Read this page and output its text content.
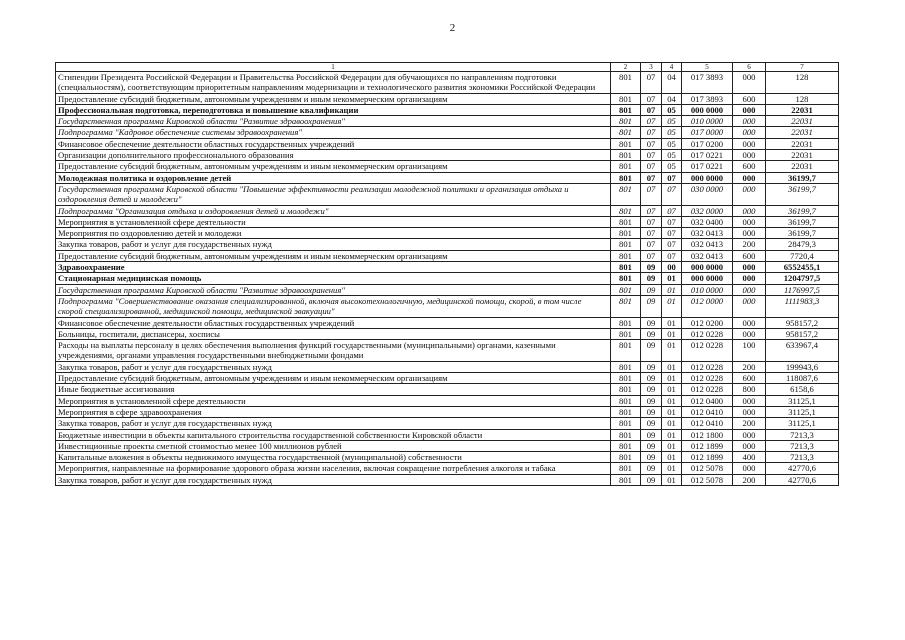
2
1	2	3	4	5	6	7
Стипендии Президента Российской Федерации и Правительства Российской Федерации для обучающихся по направлениям подготовки (специальностям), соответствующим приоритетным направлениям модернизации и технологического развития экономики Российской Федерации	801	07	04	017 3893	000	128
Предоставление субсидий бюджетным, автономным учреждениям и иным некоммерческим организациям	801	07	04	017 3893	600	128
Профессиональная подготовка, переподготовка и повышение квалификации	801	07	05	000 0000	000	22031
Государственная программа Кировской области "Развитие здравоохранения"	801	07	05	010 0000	000	22031
Подпрограмма "Кадровое обеспечение системы здравоохранения"	801	07	05	017 0000	000	22031
Финансовое обеспечение деятельности областных государственных учреждений	801	07	05	017 0200	000	22031
Организации дополнительного профессионального образования	801	07	05	017 0221	000	22031
Предоставление субсидий бюджетным, автономным учреждениям и иным некоммерческим организациям	801	07	05	017 0221	600	22031
Молодежная политика и оздоровление детей	801	07	07	000 0000	000	36199,7
Государственная программа Кировской области "Повышение эффективности реализации молодежной политики и организация отдыха и оздоровления детей и молодежи"	801	07	07	030 0000	000	36199,7
Подпрограмма "Организация отдыха и оздоровления детей и молодежи"	801	07	07	032 0000	000	36199,7
Мероприятия в установленной сфере деятельности	801	07	07	032 0400	000	36199,7
Мероприятия по оздоровлению детей и молодежи	801	07	07	032 0413	000	36199,7
Закупка товаров, работ и услуг для государственных нужд	801	07	07	032 0413	200	28479,3
Предоставление субсидий бюджетным, автономным учреждениям и иным некоммерческим организациям	801	07	07	032 0413	600	7720,4
Здравоохранение	801	09	00	000 0000	000	6552455,1
Стационарная медицинская помощь	801	09	01	000 0000	000	1204797,5
Государственная программа Кировской области "Развитие здравоохранения"	801	09	01	010 0000	000	1176997,5
Подпрограмма "Совершенствование оказания специализированной, включая высокотехнологичную, медицинской помощи, скорой, в том числе скорой специализированной, медицинской помощи, медицинской эвакуации"	801	09	01	012 0000	000	1111983,3
Финансовое обеспечение деятельности областных государственных учреждений	801	09	01	012 0200	000	958157,2
Больницы, госпитали, диспансеры, хосписы	801	09	01	012 0228	000	958157,2
Расходы на выплаты персоналу в целях обеспечения выполнения функций государственными (муниципальными) органами, казенными учреждениями, органами управления государственными внебюджетными фондами	801	09	01	012 0228	100	633967,4
Закупка товаров, работ и услуг для государственных нужд	801	09	01	012 0228	200	199943,6
Предоставление субсидий бюджетным, автономным учреждениям и иным некоммерческим организациям	801	09	01	012 0228	600	118087,6
Иные бюджетные ассигнования	801	09	01	012 0228	800	6158,6
Мероприятия в установленной сфере деятельности	801	09	01	012 0400	000	31125,1
Мероприятия в сфере здравоохранения	801	09	01	012 0410	000	31125,1
Закупка товаров, работ и услуг для государственных нужд	801	09	01	012 0410	200	31125,1
Бюджетные инвестиции в объекты капитального строительства государственной собственности Кировской области	801	09	01	012 1800	000	7213,3
Инвестиционные проекты сметной стоимостью менее 100 миллионов рублей	801	09	01	012 1899	000	7213,3
Капитальные вложения в объекты недвижимого имущества государственной (муниципальной) собственности	801	09	01	012 1899	400	7213,3
Мероприятия, направленные на формирование здорового образа жизни населения, включая сокращение потребления алкоголя и табака	801	09	01	012 5078	000	42770,6
Закупка товаров, работ и услуг для государственных нужд	801	09	01	012 5078	200	42770,6
